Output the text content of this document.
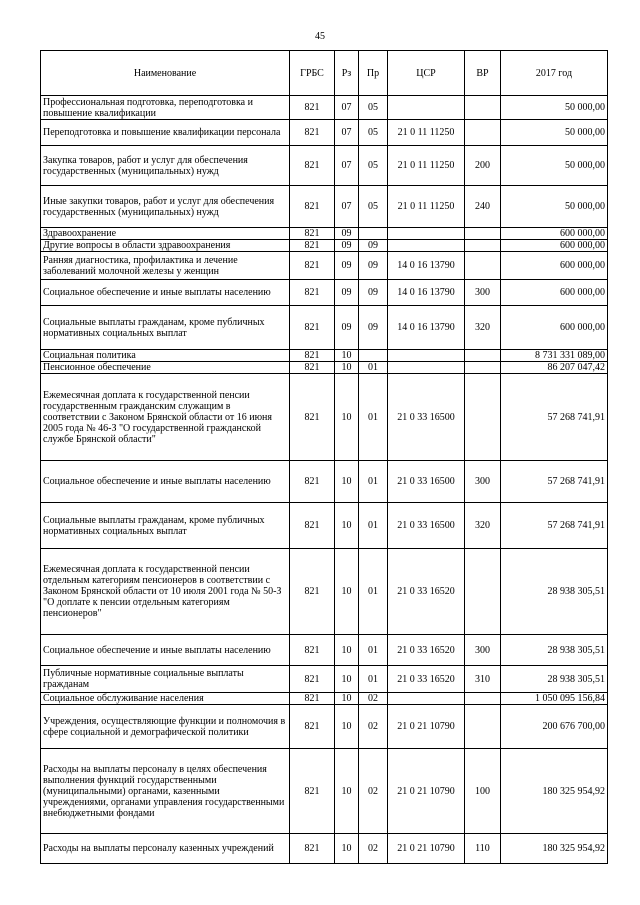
45
Наименование	ГРБС	Рз	Пр	ЦСР	ВР	2017 год
Профессиональная подготовка, переподготовка и повышение квалификации	821	07	05			50 000,00
Переподготовка и повышение квалификации персонала	821	07	05	21 0 11 11250		50 000,00
Закупка товаров, работ и услуг для обеспечения государственных (муниципальных) нужд	821	07	05	21 0 11 11250	200	50 000,00
Иные закупки товаров, работ и услуг для обеспечения государственных (муниципальных) нужд	821	07	05	21 0 11 11250	240	50 000,00
Здравоохранение	821	09				600 000,00
Другие вопросы в области здравоохранения	821	09	09			600 000,00
Ранняя диагностика, профилактика и лечение заболеваний молочной железы у женщин	821	09	09	14 0 16 13790		600 000,00
Социальное обеспечение и иные выплаты населению	821	09	09	14 0 16 13790	300	600 000,00
Социальные выплаты гражданам, кроме публичных нормативных социальных выплат	821	09	09	14 0 16 13790	320	600 000,00
Социальная политика	821	10				8 731 331 089,00
Пенсионное обеспечение	821	10	01			86 207 047,42
Ежемесячная доплата к государственной пенсии государственным гражданским служащим в соответствии с Законом Брянской области от 16 июня 2005 года № 46-З "О государственной гражданской службе Брянской области"	821	10	01	21 0 33 16500		57 268 741,91
Социальное обеспечение и иные выплаты населению	821	10	01	21 0 33 16500	300	57 268 741,91
Социальные выплаты гражданам, кроме публичных нормативных социальных выплат	821	10	01	21 0 33 16500	320	57 268 741,91
Ежемесячная доплата к государственной пенсии отдельным категориям пенсионеров в соответствии с Законом Брянской области от 10 июля 2001 года № 50-З "О доплате к пенсии отдельным категориям пенсионеров"	821	10	01	21 0 33 16520		28 938 305,51
Социальное обеспечение и иные выплаты населению	821	10	01	21 0 33 16520	300	28 938 305,51
Публичные нормативные социальные выплаты гражданам	821	10	01	21 0 33 16520	310	28 938 305,51
Социальное обслуживание населения	821	10	02			1 050 095 156,84
Учреждения, осуществляющие функции и полномочия в сфере социальной и демографической политики	821	10	02	21 0 21 10790		200 676 700,00
Расходы на выплаты персоналу в целях обеспечения выполнения функций государственными (муниципальными) органами, казенными учреждениями, органами управления государственными внебюджетными фондами	821	10	02	21 0 21 10790	100	180 325 954,92
Расходы на выплаты персоналу казенных учреждений	821	10	02	21 0 21 10790	110	180 325 954,92
